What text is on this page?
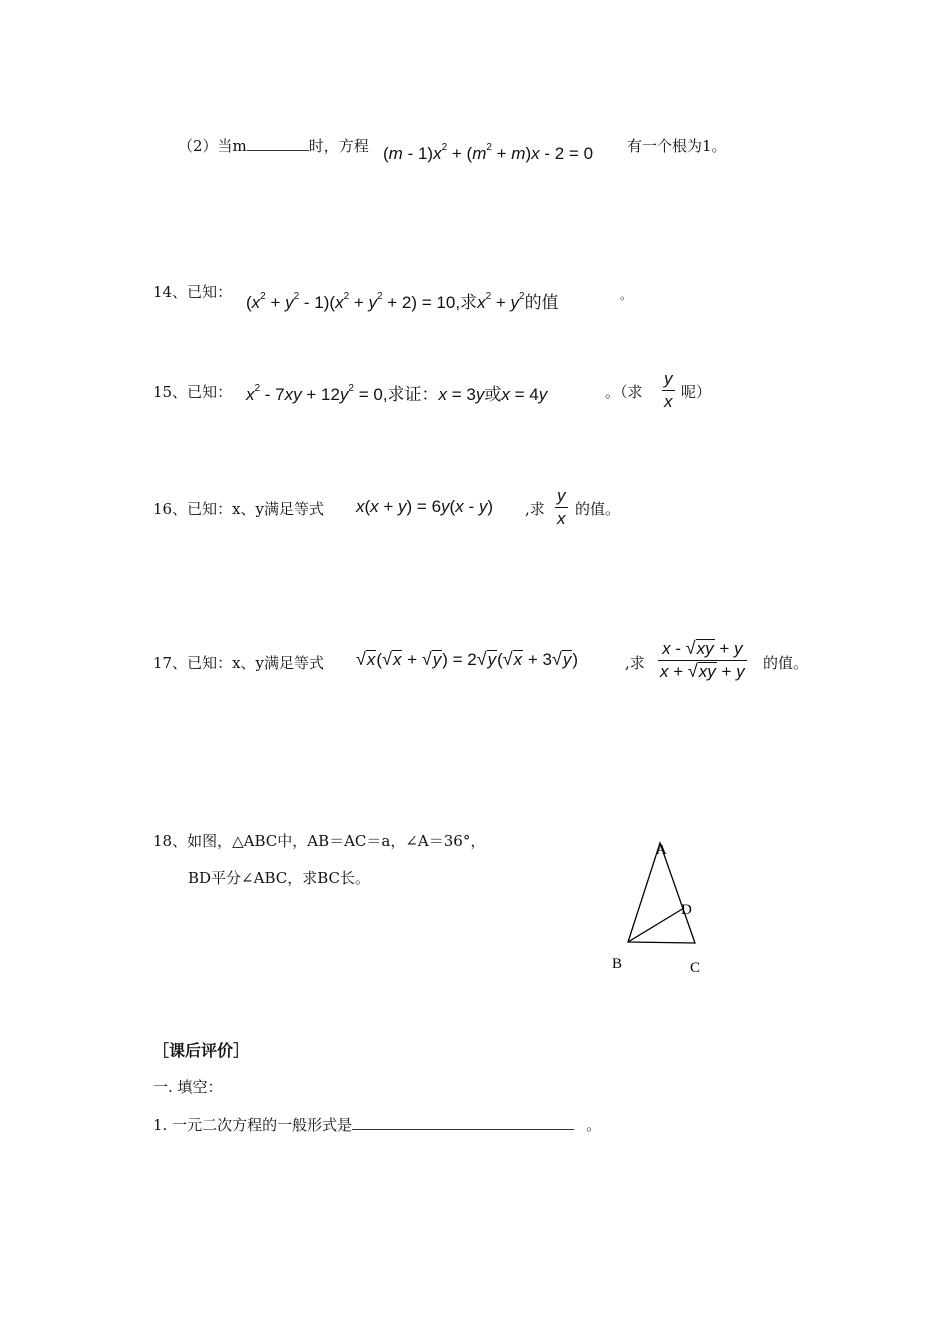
（2）当m	时，方程 $(m - 1)x^2 + (m^2 + m)x - 2 = 0$ 有一个根为1。
14、已知：
$(x^2 + y^2 - 1)(x^2 + y^2 + 2) = 10$,求$x^2 + y^2$的值	。
15、已知： $x^2 - 7xy + 12y^2 = 0$,求证：x = 3y或x = 4y	。（求 $\frac{y}{x}$ 呢）
16、已知：x、y满足等式 x(x + y) = 6y(x - y) ,求 $\frac{y}{x}$ 的值。
17、已知：x、y满足等式 √ x ( √ x + √ y ) = 2 √ y ( √ x + 3 √ y )	,求 $\frac{x - √ xy + y}{x + √ xy + y}$ 的值。
18、如图，△ABC中，AB＝AC＝a，∠A＝36°，
BD平分∠ABC，求BC长。
A
D
B	C
［课后评价］
一. 填空：
1. 一元二次方程的一般形式是	。
